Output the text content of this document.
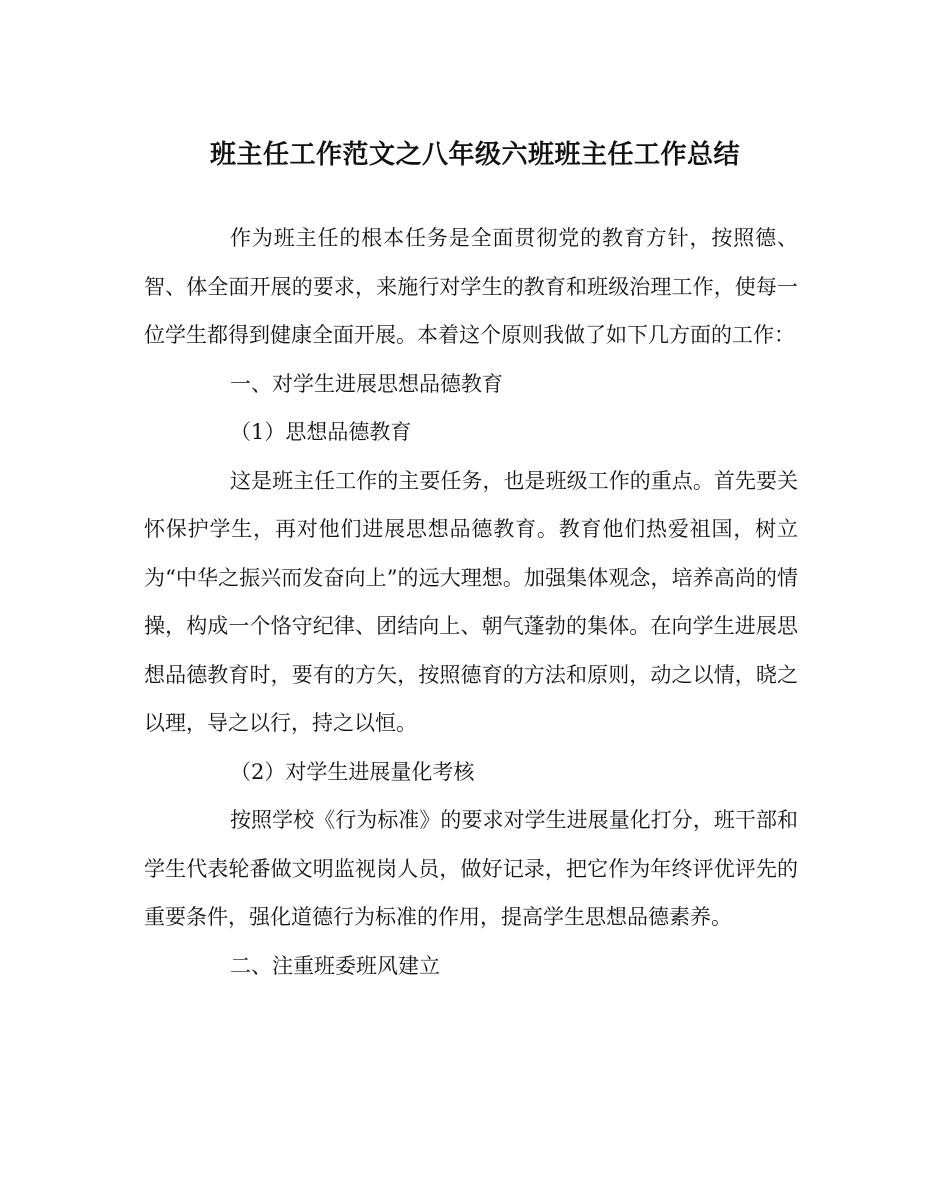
班主任工作范文之八年级六班班主任工作总结

作为班主任的根本任务是全面贯彻党的教育方针，按照德、智、体全面开展的要求，来施行对学生的教育和班级治理工作，使每一位学生都得到健康全面开展。本着这个原则我做了如下几方面的工作：

一、对学生进展思想品德教育

（1）思想品德教育

这是班主任工作的主要任务，也是班级工作的重点。首先要关怀保护学生，再对他们进展思想品德教育。教育他们热爱祖国，树立为“中华之振兴而发奋向上”的远大理想。加强集体观念，培养高尚的情操，构成一个恪守纪律、团结向上、朝气蓬勃的集体。在向学生进展思想品德教育时，要有的方矢，按照德育的方法和原则，动之以情，晓之以理，导之以行，持之以恒。

（2）对学生进展量化考核

按照学校《行为标准》的要求对学生进展量化打分，班干部和学生代表轮番做文明监视岗人员，做好记录，把它作为年终评优评先的重要条件，强化道德行为标准的作用，提高学生思想品德素养。

二、注重班委班风建立
